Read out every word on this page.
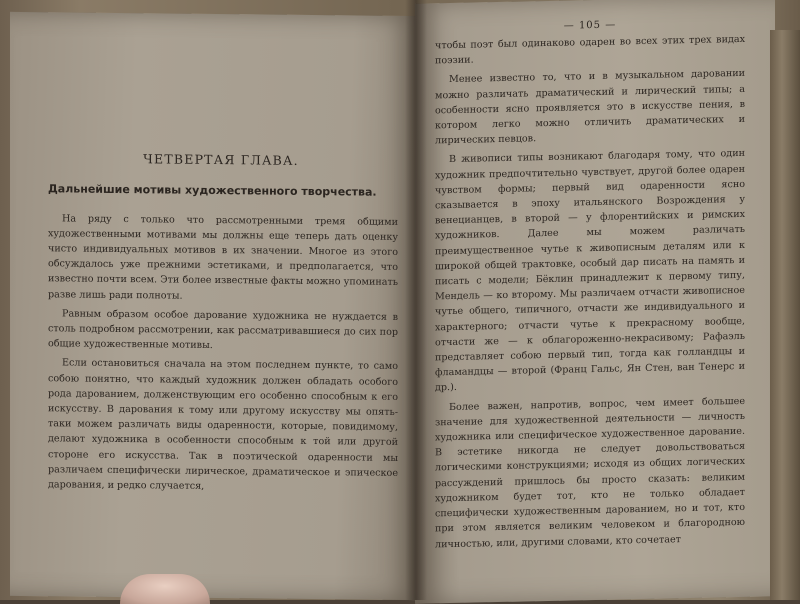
ЧЕТВЕРТАЯ ГЛАВА.
Дальнейшие мотивы художественного творчества.

На ряду с только что рассмотренными тремя общими художественными мотивами мы должны еще теперь дать оценку чисто индивидуальных мотивов в их значении. Многое из этого обсуждалось уже прежними эстетиками, и предполагается, что известно почти всем. Эти более известные факты можно упоминать разве лишь ради полноты.

Равным образом особое дарование художника не нуждается в столь подробном рассмотрении, как рассматривавшиеся до сих пор общие художественные мотивы.

Если остановиться сначала на этом последнем пункте, то само собою понятно, что каждый художник должен обладать особого рода дарованием, долженствующим его особенно способным к его искусству. В дарования к тому или другому искусству мы опять-таки можем различать виды одаренности, которые, повидимому, делают художника в особенности способным к той или другой стороне его искусства. Так в поэтической одаренности мы различаем специфически лирическое, драматическое и эпическое дарования, и редко случается,

— 105 —

чтобы поэт был одинаково одарен во всех этих трех видах поэзии.

Менее известно то, что и в музыкальном даровании можно различать драматический и лирический типы; а особенности ясно проявляется это в искусстве пения, в котором легко можно отличить драматических и лирических певцов.

В живописи типы возникают благодаря тому, что один художник предпочтительно чувствует, другой более одарен чувством формы; первый вид одаренности ясно сказывается в эпоху итальянского Возрождения у венецианцев, в второй — у флорентийских и римских художников. Далее мы можем различать преимущественное чутье к живописным деталям или к широкой общей трактовке, особый дар писать на память и писать с модели; Бёклин принадлежит к первому типу, Мендель — ко второму. Мы различаем отчасти живописное чутье общего, типичного, отчасти же индивидуального и характерного; отчасти чутье к прекрасному вообще, отчасти же — к облагороженно-некрасивому; Рафаэль представляет собою первый тип, тогда как голландцы и фламандцы — второй (Франц Гальс, Ян Стен, ван Тенерс и др.).

Более важен, напротив, вопрос, чем имеет большее значение для художественной деятельности — личность художника или специфическое художественное дарование. В эстетике никогда не следует довольствоваться логическими конструкциями; исходя из общих логических рассуждений пришлось бы просто сказать: великим художником будет тот, кто не только обладает специфически художественным дарованием, но и тот, кто при этом является великим человеком и благородною личностью, или, другими словами, кто сочетает
